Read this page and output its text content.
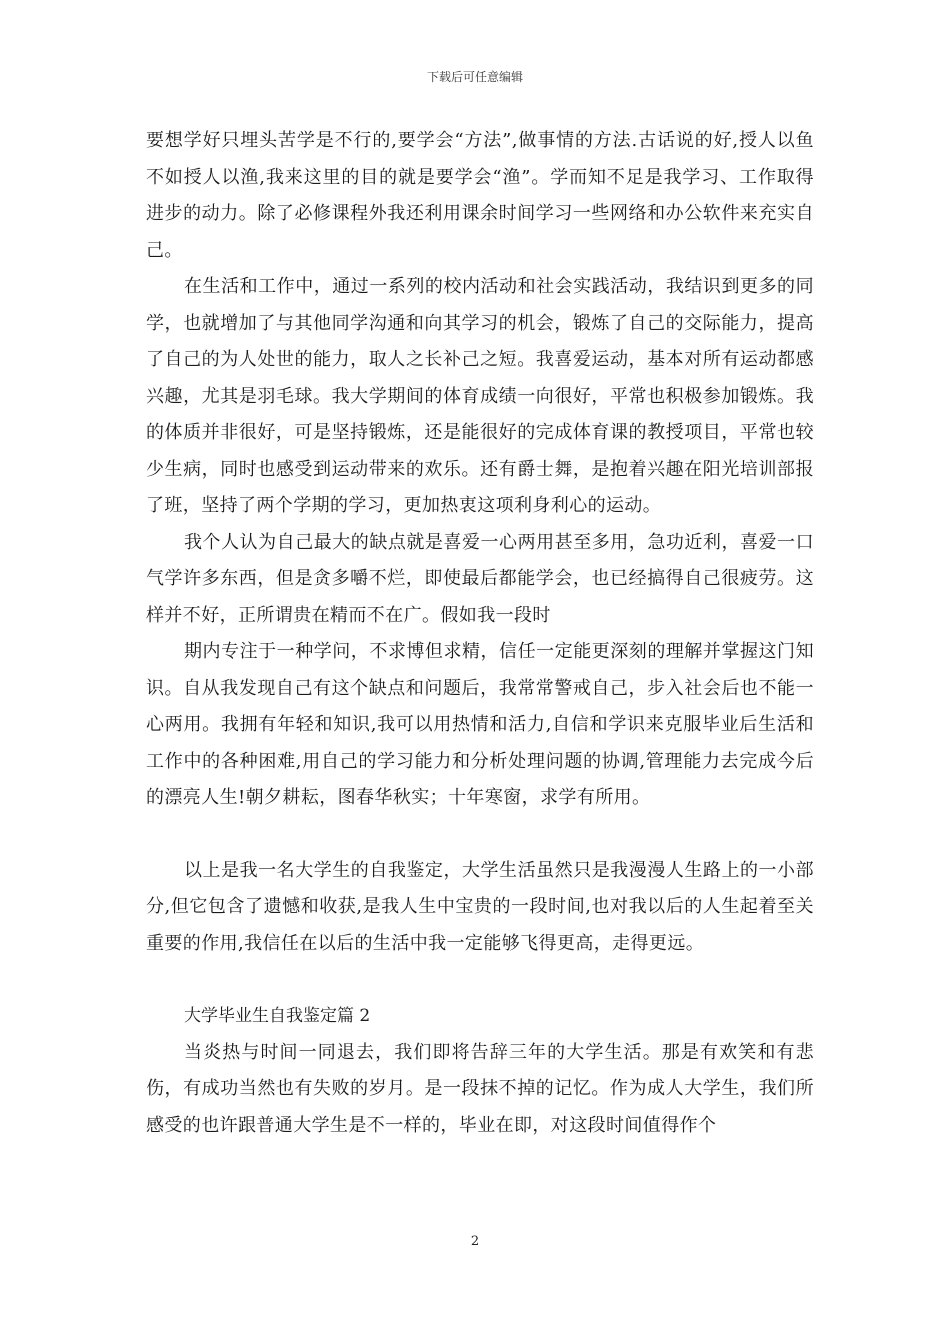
下载后可任意编辑

要想学好只埋头苦学是不行的,要学会“方法”,做事情的方法.古话说的好,授人以鱼不如授人以渔,我来这里的目的就是要学会“渔”。学而知不足是我学习、工作取得进步的动力。除了必修课程外我还利用课余时间学习一些网络和办公软件来充实自己。

在生活和工作中，通过一系列的校内活动和社会实践活动，我结识到更多的同学，也就增加了与其他同学沟通和向其学习的机会，锻炼了自己的交际能力，提高了自己的为人处世的能力，取人之长补己之短。我喜爱运动，基本对所有运动都感兴趣，尤其是羽毛球。我大学期间的体育成绩一向很好，平常也积极参加锻炼。我的体质并非很好，可是坚持锻炼，还是能很好的完成体育课的教授项目，平常也较少生病，同时也感受到运动带来的欢乐。还有爵士舞，是抱着兴趣在阳光培训部报了班，坚持了两个学期的学习，更加热衷这项利身利心的运动。

我个人认为自己最大的缺点就是喜爱一心两用甚至多用，急功近利，喜爱一口气学许多东西，但是贪多嚼不烂，即使最后都能学会，也已经搞得自己很疲劳。这样并不好，正所谓贵在精而不在广。假如我一段时

期内专注于一种学问，不求博但求精，信任一定能更深刻的理解并掌握这门知识。自从我发现自己有这个缺点和问题后，我常常警戒自己，步入社会后也不能一心两用。我拥有年轻和知识,我可以用热情和活力,自信和学识来克服毕业后生活和工作中的各种困难,用自己的学习能力和分析处理问题的协调,管理能力去完成今后的漂亮人生!朝夕耕耘，图春华秋实；十年寒窗，求学有所用。

以上是我一名大学生的自我鉴定，大学生活虽然只是我漫漫人生路上的一小部分,但它包含了遗憾和收获,是我人生中宝贵的一段时间,也对我以后的人生起着至关重要的作用,我信任在以后的生活中我一定能够飞得更高，走得更远。

大学毕业生自我鉴定篇 2

当炎热与时间一同退去，我们即将告辞三年的大学生活。那是有欢笑和有悲伤，有成功当然也有失败的岁月。是一段抹不掉的记忆。作为成人大学生，我们所感受的也许跟普通大学生是不一样的，毕业在即，对这段时间值得作个

2
